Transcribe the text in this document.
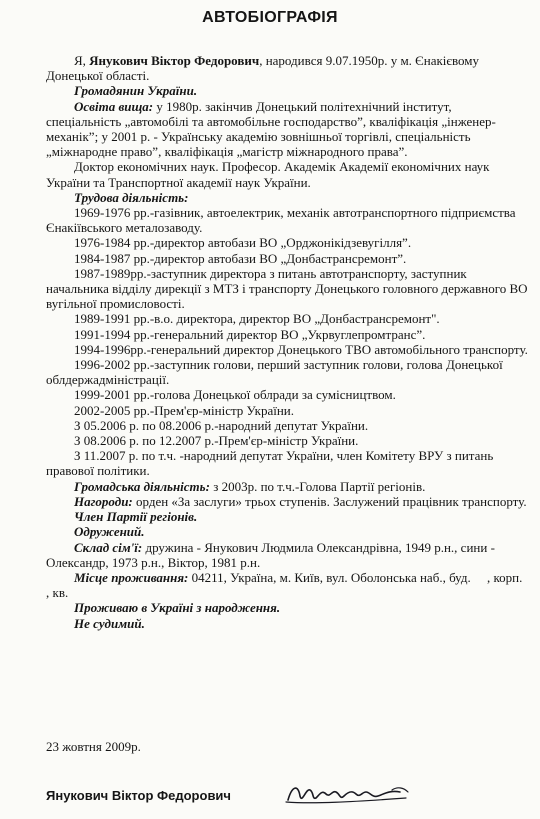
АВТОБІОГРАФІЯ

Я, Янукович Віктор Федорович, народився 9.07.1950р. у м. Єнакієвому Донецької області.

Громадянин України.

Освіта вища: у 1980р. закінчив Донецький політехнічний інститут, спеціальність „автомобілі та автомобільне господарство”, кваліфікація „інженер-механік”; у 2001 р. - Українську академію зовнішньої торгівлі, спеціальність „міжнародне право”, кваліфікація „магістр міжнародного права”.

Доктор економічних наук. Професор. Академік Академії економічних наук України та Транспортної академії наук України.

Трудова діяльність:

1969-1976 рр.-газівник, автоелектрик, механік автотранспортного підприємства Єнакіївського металозаводу.

1976-1984 рр.-директор автобази ВО „Орджонікідзевугілля”.

1984-1987 рр.-директор автобази ВО „Донбастрансремонт”.

1987-1989рр.-заступник директора з питань автотранспорту, заступник начальника відділу дирекції з МТЗ і транспорту Донецького головного державного ВО вугільної промисловості.

1989-1991 рр.-в.о. директора, директор ВО „Донбастрансремонт".

1991-1994 рр.-генеральний директор ВО „Укрвуглепромтранс”.

1994-1996рр.-генеральний директор Донецького ТВО автомобільного транспорту.

1996-2002 рр.-заступник голови, перший заступник голови, голова Донецької облдержадміністрації.

1999-2001 рр.-голова Донецької облради за сумісництвом.

2002-2005 рр.-Прем'єр-міністр України.

З 05.2006 р. по 08.2006 р.-народний депутат України.

З 08.2006 р. по 12.2007 р.-Прем'єр-міністр України.

З 11.2007 р. по т.ч. -народний депутат України, член Комітету ВРУ з питань правової політики.

Громадська діяльність: з 2003р. по т.ч.-Голова Партії регіонів.

Нагороди: орден «За заслуги» трьох ступенів. Заслужений працівник транспорту.

Член Партії регіонів.

Одружений.

Склад сім'ї: дружина - Янукович Людмила Олександрівна, 1949 р.н., сини - Олександр, 1973 р.н., Віктор, 1981 р.н.

Місце проживання: 04211, Україна, м. Київ, вул. Оболонська наб., буд.     , корп.     , кв.

Проживаю в Україні з народження.

Не судимий.

23 жовтня 2009р.
Янукович Віктор Федорович
